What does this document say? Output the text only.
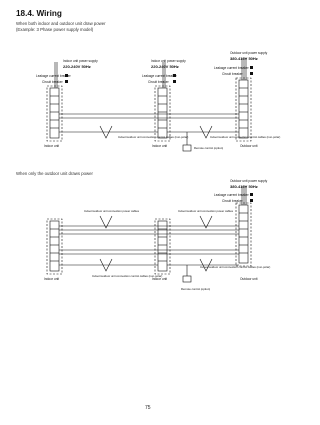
18.4. Wiring
When both indoor and outdoor unit draw power
(Example: 3 Phase power supply model)
When only the outdoor unit draws power
Indoor unit power supply
220-240V 50Hz
Leakage current breaker
Circuit breaker
Indoor unit power supply
220-240V 50Hz
Leakage current breaker
Circuit breaker
Outdoor unit power supply
380-415V 50Hz
Leakage current breaker
Circuit breaker
Indoor/outdoor unit connection control cables (non-polar)	Indoor/outdoor unit connection control cables (non-polar)
Remote control (option)
Indoor unit	Indoor unit	Outdoor unit
Outdoor unit power supply
380-415V 50Hz
Leakage current breaker
Circuit breaker
Indoor/outdoor unit connection power cables	Indoor/outdoor unit connection power cables
Indoor/outdoor unit connection control cables (non-polar)
Indoor/outdoor unit connection control cables (non-polar)
Remote control (option)
Indoor unit	Indoor unit	Outdoor unit
75
